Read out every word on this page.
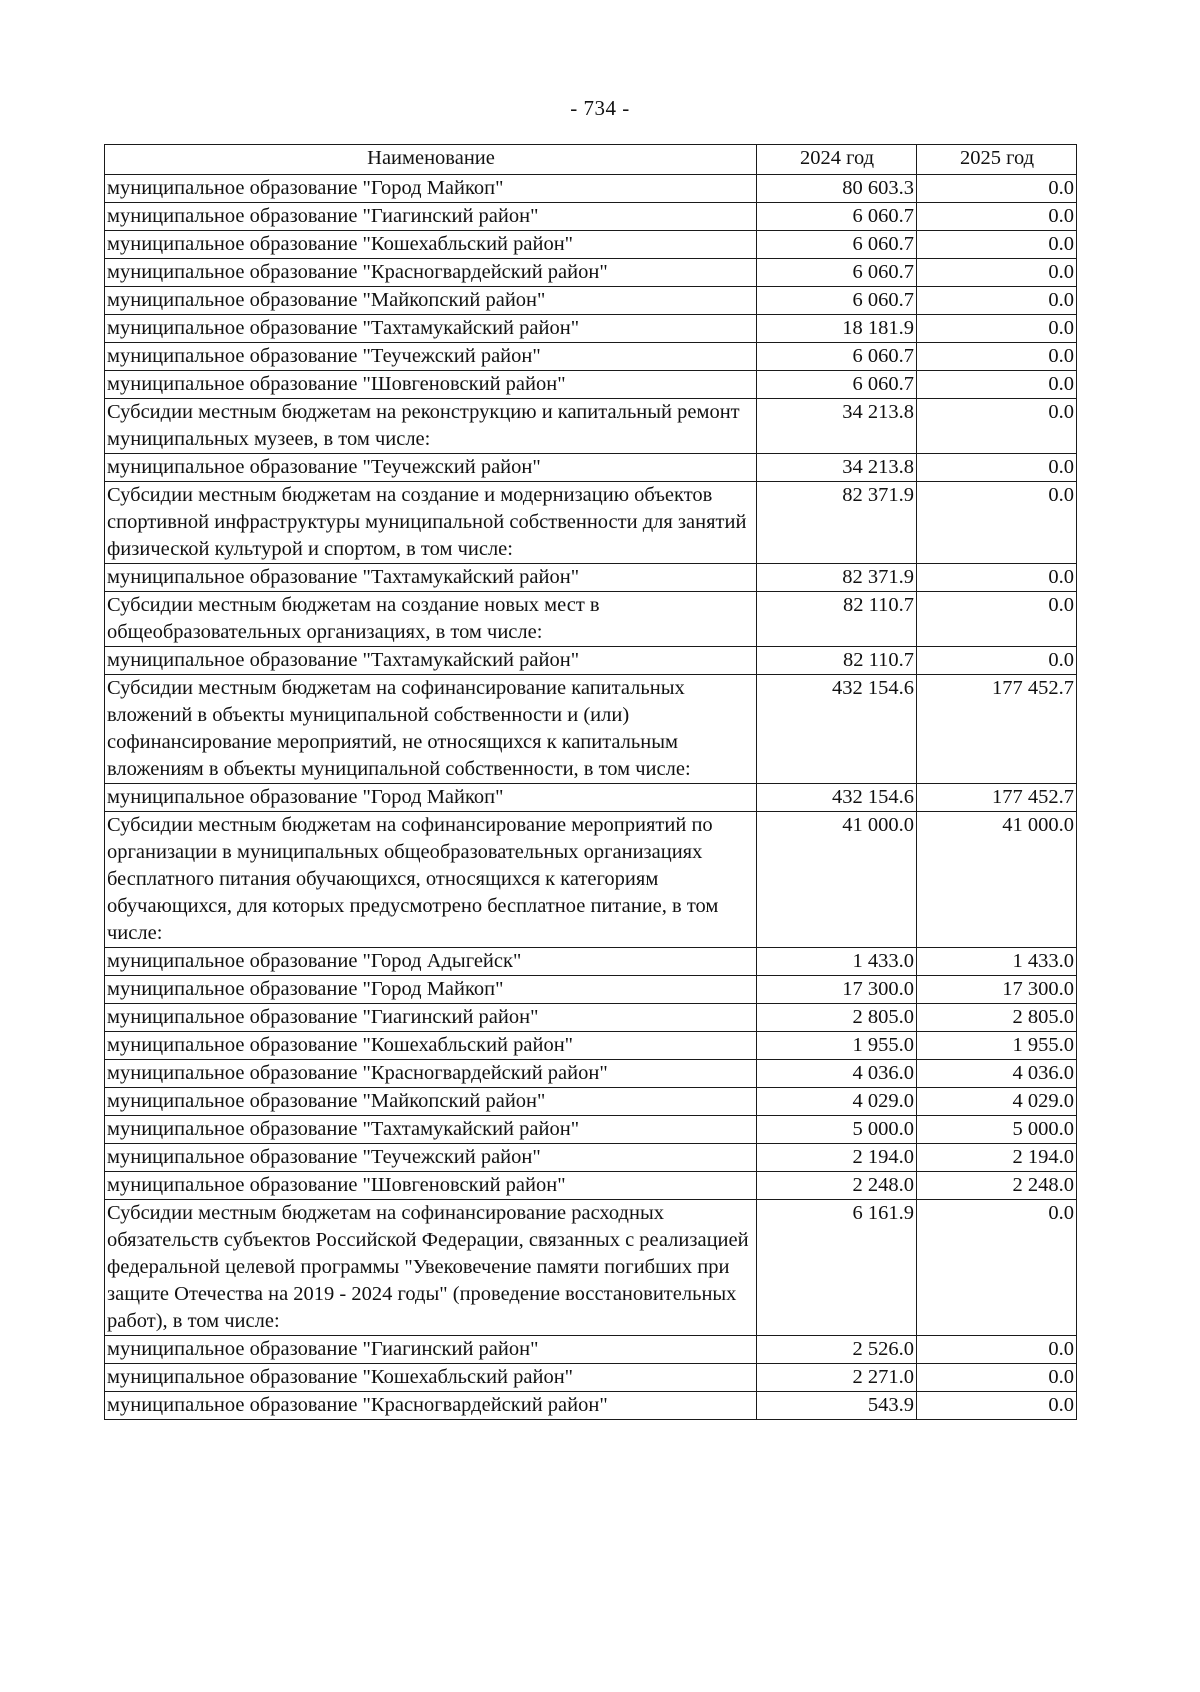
- 734 -
Наименование	2024 год	2025 год
муниципальное образование "Город Майкоп"	80 603.3	0.0
муниципальное образование "Гиагинский район"	6 060.7	0.0
муниципальное образование "Кошехабльский район"	6 060.7	0.0
муниципальное образование "Красногвардейский район"	6 060.7	0.0
муниципальное образование "Майкопский район"	6 060.7	0.0
муниципальное образование "Тахтамукайский район"	18 181.9	0.0
муниципальное образование "Теучежский район"	6 060.7	0.0
муниципальное образование "Шовгеновский район"	6 060.7	0.0
Субсидии местным бюджетам на реконструкцию и капитальный ремонт муниципальных музеев, в том числе:	34 213.8	0.0
муниципальное образование "Теучежский район"	34 213.8	0.0
Субсидии местным бюджетам на создание и модернизацию объектов спортивной инфраструктуры муниципальной собственности для занятий физической культурой и спортом, в том числе:	82 371.9	0.0
муниципальное образование "Тахтамукайский район"	82 371.9	0.0
Субсидии местным бюджетам на создание новых мест в общеобразовательных организациях, в том числе:	82 110.7	0.0
муниципальное образование "Тахтамукайский район"	82 110.7	0.0
Субсидии местным бюджетам на софинансирование капитальных вложений в объекты муниципальной собственности и (или) софинансирование мероприятий, не относящихся к капитальным вложениям в объекты муниципальной собственности, в том числе:	432 154.6	177 452.7
муниципальное образование "Город Майкоп"	432 154.6	177 452.7
Субсидии местным бюджетам на софинансирование мероприятий по организации в муниципальных общеобразовательных организациях бесплатного питания обучающихся, относящихся к категориям обучающихся, для которых предусмотрено бесплатное питание, в том числе:	41 000.0	41 000.0
муниципальное образование "Город Адыгейск"	1 433.0	1 433.0
муниципальное образование "Город Майкоп"	17 300.0	17 300.0
муниципальное образование "Гиагинский район"	2 805.0	2 805.0
муниципальное образование "Кошехабльский район"	1 955.0	1 955.0
муниципальное образование "Красногвардейский район"	4 036.0	4 036.0
муниципальное образование "Майкопский район"	4 029.0	4 029.0
муниципальное образование "Тахтамукайский район"	5 000.0	5 000.0
муниципальное образование "Теучежский район"	2 194.0	2 194.0
муниципальное образование "Шовгеновский район"	2 248.0	2 248.0
Субсидии местным бюджетам на софинансирование расходных обязательств субъектов Российской Федерации, связанных с реализацией федеральной целевой программы "Увековечение памяти погибших при защите Отечества на 2019 - 2024 годы" (проведение восстановительных работ), в том числе:	6 161.9	0.0
муниципальное образование "Гиагинский район"	2 526.0	0.0
муниципальное образование "Кошехабльский район"	2 271.0	0.0
муниципальное образование "Красногвардейский район"	543.9	0.0
